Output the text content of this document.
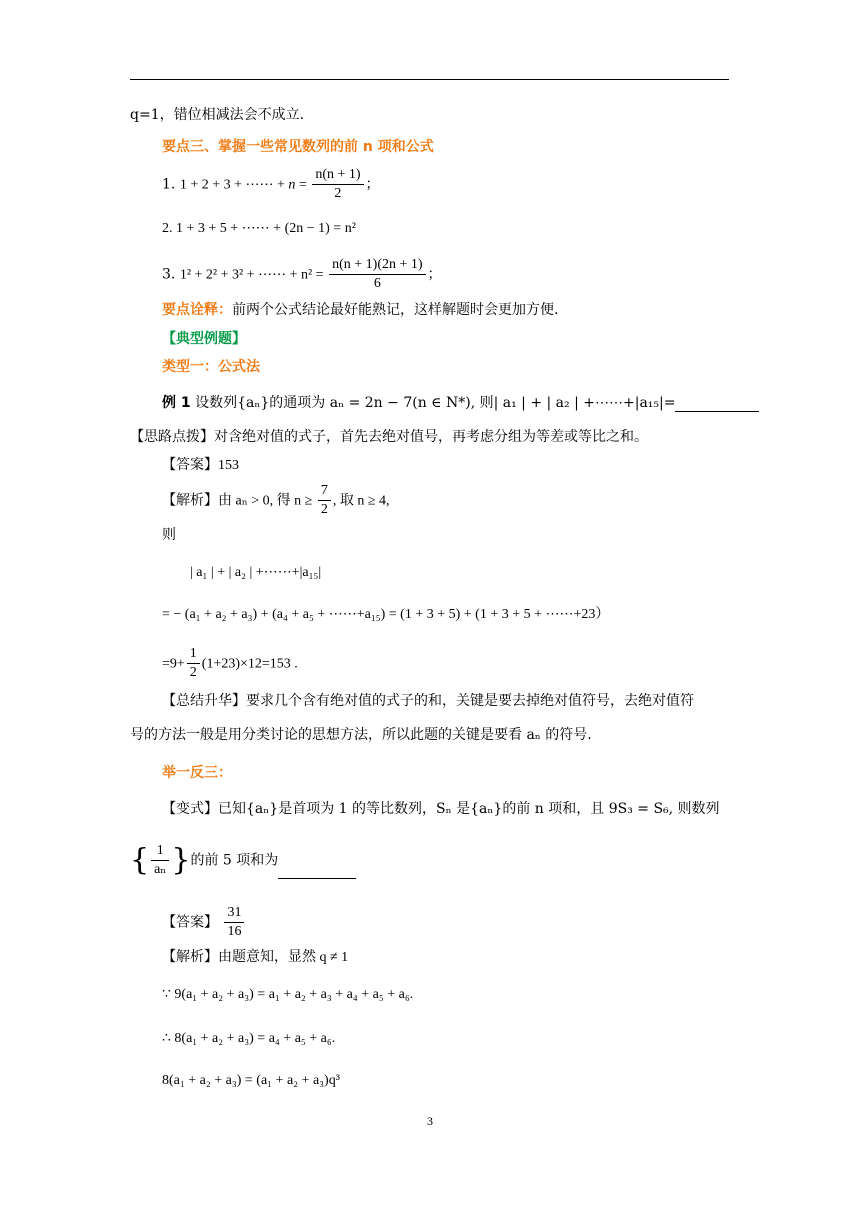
q=1，错位相减法会不成立.
要点三、掌握一些常见数列的前 n 项和公式
1. 1 + 2 + 3 + ⋯⋯ + $n = \frac{n(n + 1)}{2}$ ；
2. 1 + 3 + 5 + ⋯⋯ + (2n − 1) = n²
3. 1² + 2² + 3² + ⋯⋯ + $n^2 = \frac{n(n + 1)(2n + 1)}{6}$ ；
要点诠释：前两个公式结论最好能熟记，这样解题时会更加方便.
【典型例题】
类型一：公式法
例 1 设数列{aₙ}的通项为 aₙ = 2n − 7(n ∈ N*), 则| a₁ | + | a₂ | +⋯⋯+|a₁₅|=
【思路点拨】对含绝对值的式子，首先去绝对值号，再考虑分组为等差或等比之和。
【答案】153
【解析】由 aₙ > 0, 得 $n \ge \frac{7}{2}$ , 取 n ≥ 4,
则
| a₁ | + | a₂ | +⋯⋯+|a₁₅|
= − (a₁ + a₂ + a₃) + (a₄ + a₅ + ⋯⋯+a₁₅) = (1 + 3 + 5) + (1 + 3 + 5 + ⋯⋯+23）
$=9+ \frac{1}{2} (1+23)\times 12=153$ .
【总结升华】要求几个含有绝对值的式子的和，关键是要去掉绝对值符号，去绝对值符
号的方法一般是用分类讨论的思想方法，所以此题的关键是要看 aₙ 的符号.
举一反三：
【变式】已知{aₙ}是首项为 1 的等比数列，Sₙ 是{aₙ}的前 n 项和，且 9S₃ = S₆, 则数列
{ $\frac{1}{\text{aₙ}}$ }的前 5 项和为
【答案】 $\frac{31}{16}$
【解析】由题意知，显然 q ≠ 1
∵ 9(a₁ + a₂ + a₃) = a₁ + a₂ + a₃ + a₄ + a₅ + a₆.
∴ 8(a₁ + a₂ + a₃) = a₄ + a₅ + a₆.
8(a₁ + a₂ + a₃) = (a₁ + a₂ + a₃)q³
3
